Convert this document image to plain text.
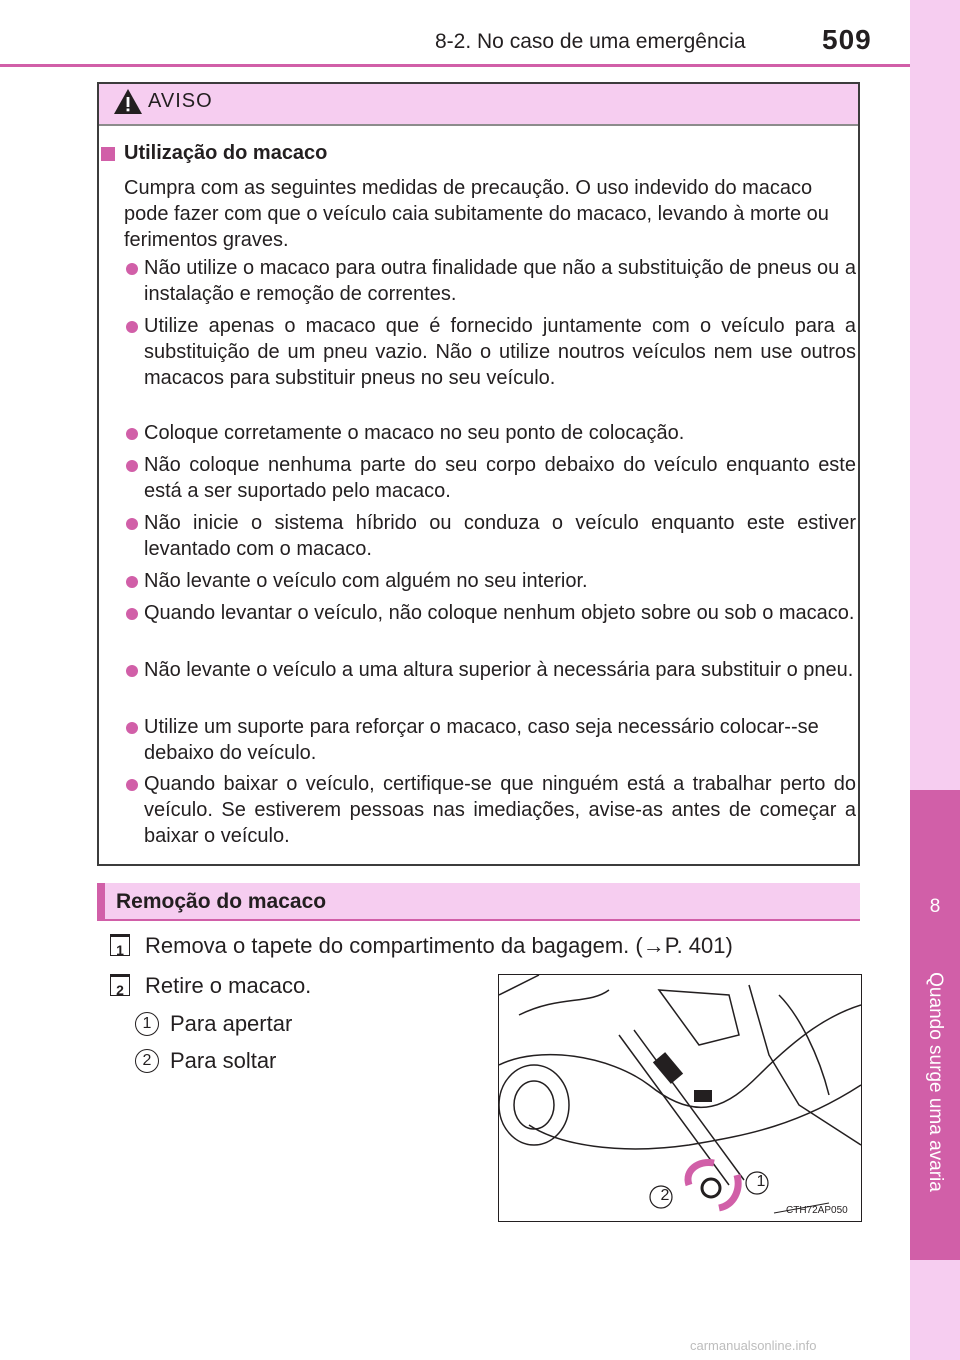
8-2. No caso de uma emergência	509
8
Quando surge uma avaria
AVISO
Utilização do macaco
Cumpra com as seguintes medidas de precaução. O uso indevido do macaco pode fazer com que o veículo caia subitamente do macaco, levando à morte ou ferimentos graves.
Não utilize o macaco para outra finalidade que não a substituição de pneus ou a instalação e remoção de correntes.
Utilize apenas o macaco que é fornecido juntamente com o veículo para a substituição de um pneu vazio. Não o utilize noutros veículos nem use outros macacos para substituir pneus no seu veículo.
Coloque corretamente o macaco no seu ponto de colocação.
Não coloque nenhuma parte do seu corpo debaixo do veículo enquanto este está a ser suportado pelo macaco.
Não inicie o sistema híbrido ou conduza o veículo enquanto este estiver levantado com o macaco.
Não levante o veículo com alguém no seu interior.
Quando levantar o veículo, não coloque nenhum objeto sobre ou sob o macaco.
Não levante o veículo a uma altura superior à necessária para substituir o pneu.
Utilize um suporte para reforçar o macaco, caso seja necessário colocar--se debaixo do veículo.
Quando baixar o veículo, certifique-se que ninguém está a trabalhar perto do veículo. Se estiverem pessoas nas imediações, avise-as antes de começar a baixar o veículo.
Remoção do macaco
1 Remova o tapete do compartimento da bagagem. (→P. 401)
2 Retire o macaco.
1 Para apertar
2 Para soltar
2
1
CTH72AP050
carmanualsonline.info
